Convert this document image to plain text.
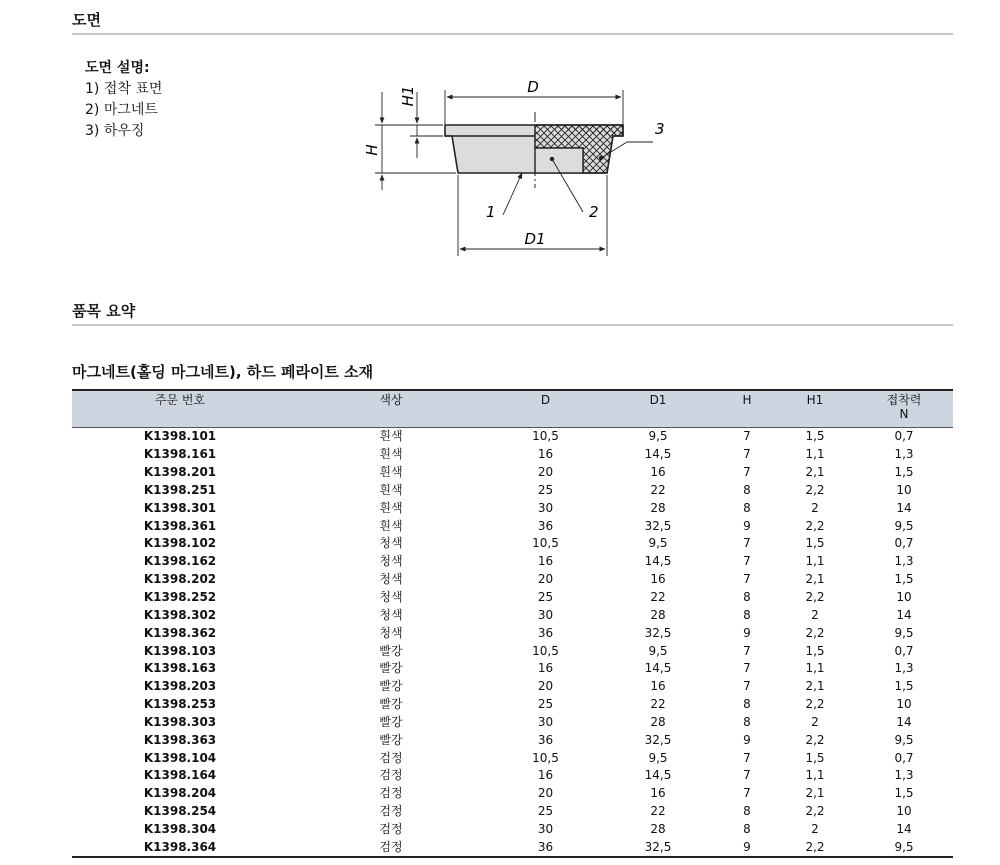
도면
도면 설명:
1) 접착 표면
2) 마그네트
3) 하우징
D
D1
H
H1
1	2
3
품목 요약
마그네트(홀딩 마그네트), 하드 페라이트 소재
주문 번호	색상	D	D1	H	H1	접착력
N

K1398.101	흰색	10,5	9,5	7	1,5	0,7
K1398.161	흰색	16	14,5	7	1,1	1,3
K1398.201	흰색	20	16	7	2,1	1,5
K1398.251	흰색	25	22	8	2,2	10
K1398.301	흰색	30	28	8	2	14
K1398.361	흰색	36	32,5	9	2,2	9,5
K1398.102	청색	10,5	9,5	7	1,5	0,7
K1398.162	청색	16	14,5	7	1,1	1,3
K1398.202	청색	20	16	7	2,1	1,5
K1398.252	청색	25	22	8	2,2	10
K1398.302	청색	30	28	8	2	14
K1398.362	청색	36	32,5	9	2,2	9,5
K1398.103	빨강	10,5	9,5	7	1,5	0,7
K1398.163	빨강	16	14,5	7	1,1	1,3
K1398.203	빨강	20	16	7	2,1	1,5
K1398.253	빨강	25	22	8	2,2	10
K1398.303	빨강	30	28	8	2	14
K1398.363	빨강	36	32,5	9	2,2	9,5
K1398.104	검정	10,5	9,5	7	1,5	0,7
K1398.164	검정	16	14,5	7	1,1	1,3
K1398.204	검정	20	16	7	2,1	1,5
K1398.254	검정	25	22	8	2,2	10
K1398.304	검정	30	28	8	2	14
K1398.364	검정	36	32,5	9	2,2	9,5
